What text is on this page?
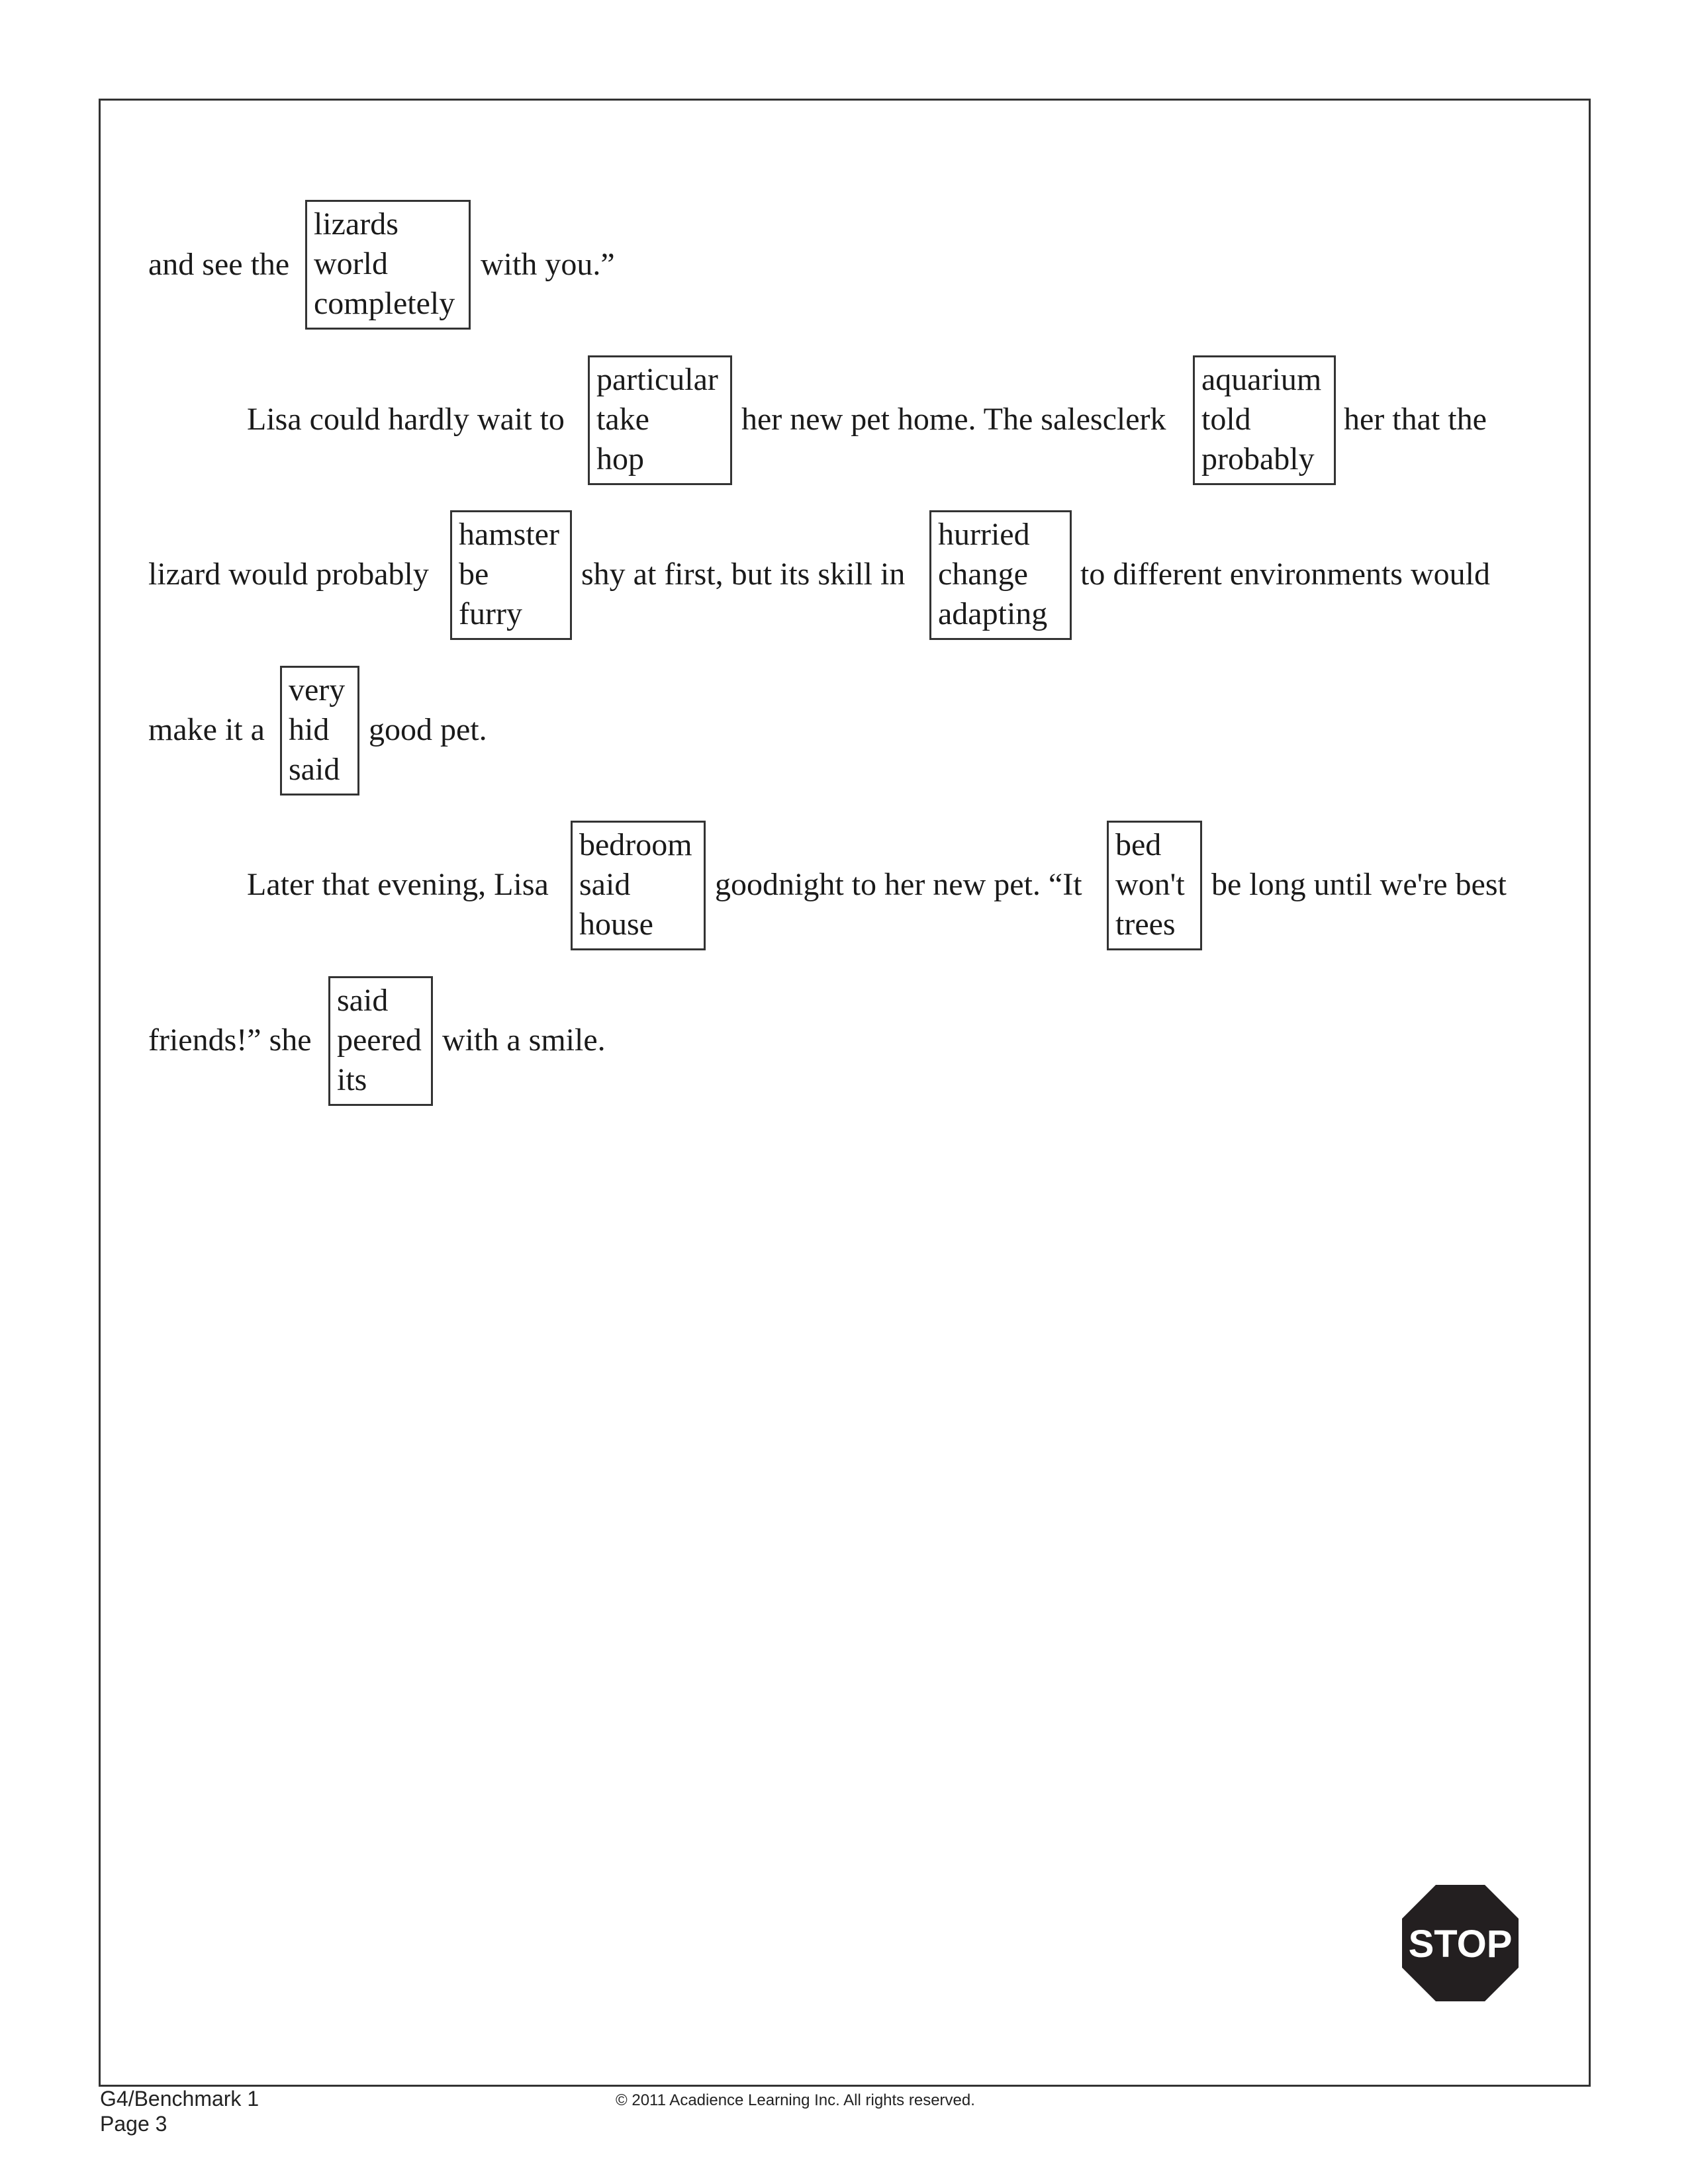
and see the
lizards
world
completely
with you.”
Lisa could hardly wait to
particular
take
hop
her new pet home. The salesclerk
aquarium
told
probably
her that the
lizard would probably
hamster
be
furry
shy at first, but its skill in
hurried
change
adapting
to different environments would
make it a
very
hid
said
good pet.
Later that evening, Lisa
bedroom
said
house
goodnight to her new pet. “It
bed
won't
trees
be long until we're best
friends!” she
said
peered
its
with a smile.
STOP
G4/Benchmark 1
Page 3
© 2011 Acadience Learning Inc. All rights reserved.
